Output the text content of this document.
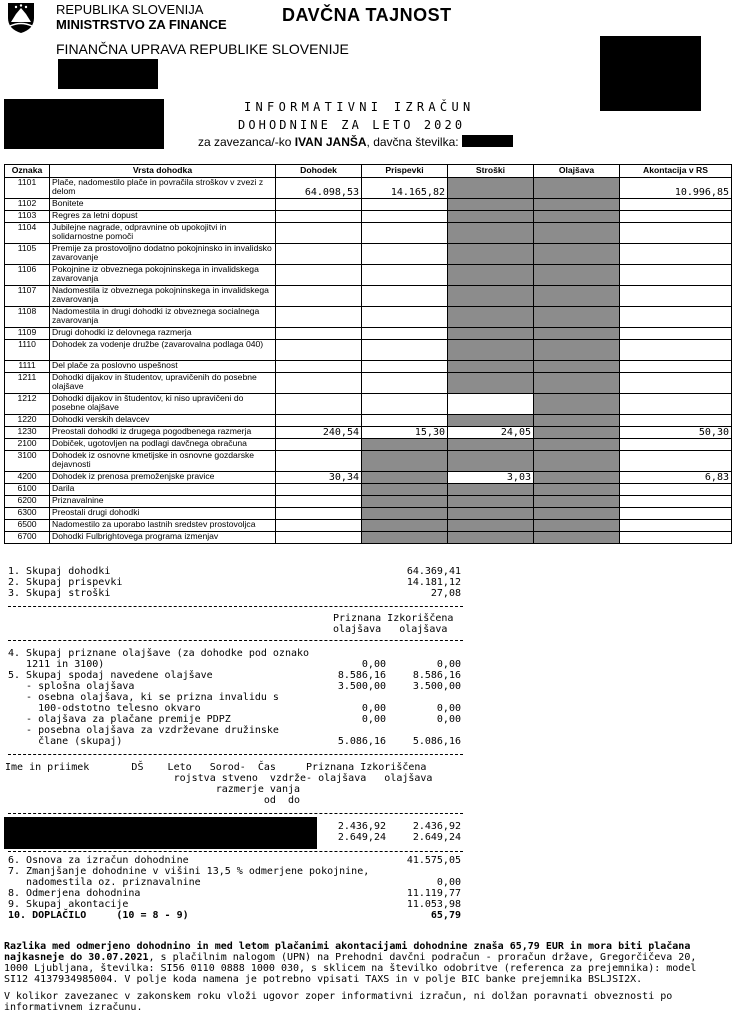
REPUBLIKA SLOVENIJA
MINISTRSTVO ZA FINANCE	DAVČNA TAJNOST
FINANČNA UPRAVA REPUBLIKE SLOVENIJE
INFORMATIVNI IZRAČUN
DOHODNINE ZA LETO 2020
za zavezanca/-ko IVAN JANŠA, davčna številka:
Oznaka	Vrsta dohodka	Dohodek	Prispevki	Stroški	Olajšava	Akontacija v RS
1101	Plače, nadomestilo plače in povračila stroškov v zvezi z delom	64.098,53	14.165,82			10.996,85
1102	Bonitete					
1103	Regres za letni dopust					
1104	Jubilejne nagrade, odpravnine ob upokojitvi in solidarnostne pomoči					
1105	Premije za prostovoljno dodatno pokojninsko in invalidsko zavarovanje					
1106	Pokojnine iz obveznega pokojninskega in invalidskega zavarovanja					
1107	Nadomestila iz obveznega pokojninskega in invalidskega zavarovanja					
1108	Nadomestila in drugi dohodki iz obveznega socialnega zavarovanja					
1109	Drugi dohodki iz delovnega razmerja					
1110	Dohodek za vodenje družbe (zavarovalna podlaga 040)					
1111	Del plače za poslovno uspešnost					
1211	Dohodki dijakov in študentov, upravičenih do posebne olajšave					
1212	Dohodki dijakov in študentov, ki niso upravičeni do posebne olajšave					
1220	Dohodki verskih delavcev					
1230	Preostali dohodki iz drugega pogodbenega razmerja	240,54	15,30	24,05		50,30
2100	Dobiček, ugotovljen na podlagi davčnega obračuna					
3100	Dohodek iz osnovne kmetijske in osnovne gozdarske dejavnosti					
4200	Dohodek iz prenosa premoženjske pravice	30,34		3,03		6,83
6100	Darila					
6200	Priznavalnine					
6300	Preostali drugi dohodki					
6500	Nadomestilo za uporabo lastnih sredstev prostovoljca					
6700	Dohodki Fulbrightovega programa izmenjav					
1. Skupaj dohodki	64.369,41
2. Skupaj prispevki	14.181,12
3. Skupaj stroški	27,08
Priznana Izkoriščena
olajšava   olajšava
4. Skupaj priznane olajšave (za dohodke pod oznako
1211 in 3100)	0,00	0,00
5. Skupaj spodaj navedene olajšave	8.586,16	8.586,16
- splošna olajšava	3.500,00	3.500,00
- osebna olajšava, ki se prizna invalidu s
100-odstotno telesno okvaro	0,00	0,00
- olajšava za plačane premije PDPZ	0,00	0,00
- posebna olajšava za vzdrževane družinske
člane (skupaj)	5.086,16	5.086,16
Ime in priimek       DŠ    Leto   Sorod-  Čas     Priznana Izkoriščena
rojstva stveno  vzdrže- olajšava   olajšava
razmerje vanja
od  do
2.436,92	2.436,92
2.649,24	2.649,24
6. Osnova za izračun dohodnine	41.575,05
7. Zmanjšanje dohodnine v višini 13,5 % odmerjene pokojnine,
nadomestila oz. priznavalnine	0,00
8. Odmerjena dohodnina	11.119,77
9. Skupaj akontacije	11.053,98
10. DOPLAČILO     (10 = 8 - 9)	65,79
Razlika med odmerjeno dohodnino in med letom plačanimi akontacijami dohodnine znaša 65,79 EUR in mora biti plačana najkasneje do 30.07.2021, s plačilnim nalogom (UPN) na Prehodni davčni podračun - proračun države, Gregorčičeva 20, 1000 Ljubljana, številka: SI56 0110 0888 1000 030, s sklicem na številko odobritve (referenca za prejemnika): model SI12 4137934985004. V polje koda namena je potrebno vpisati TAXS in v polje BIC banke prejemnika BSLJSI2X.
V kolikor zavezanec v zakonskem roku vloži ugovor zoper informativni izračun, ni dolžan poravnati obveznosti po informativnem izračunu.
